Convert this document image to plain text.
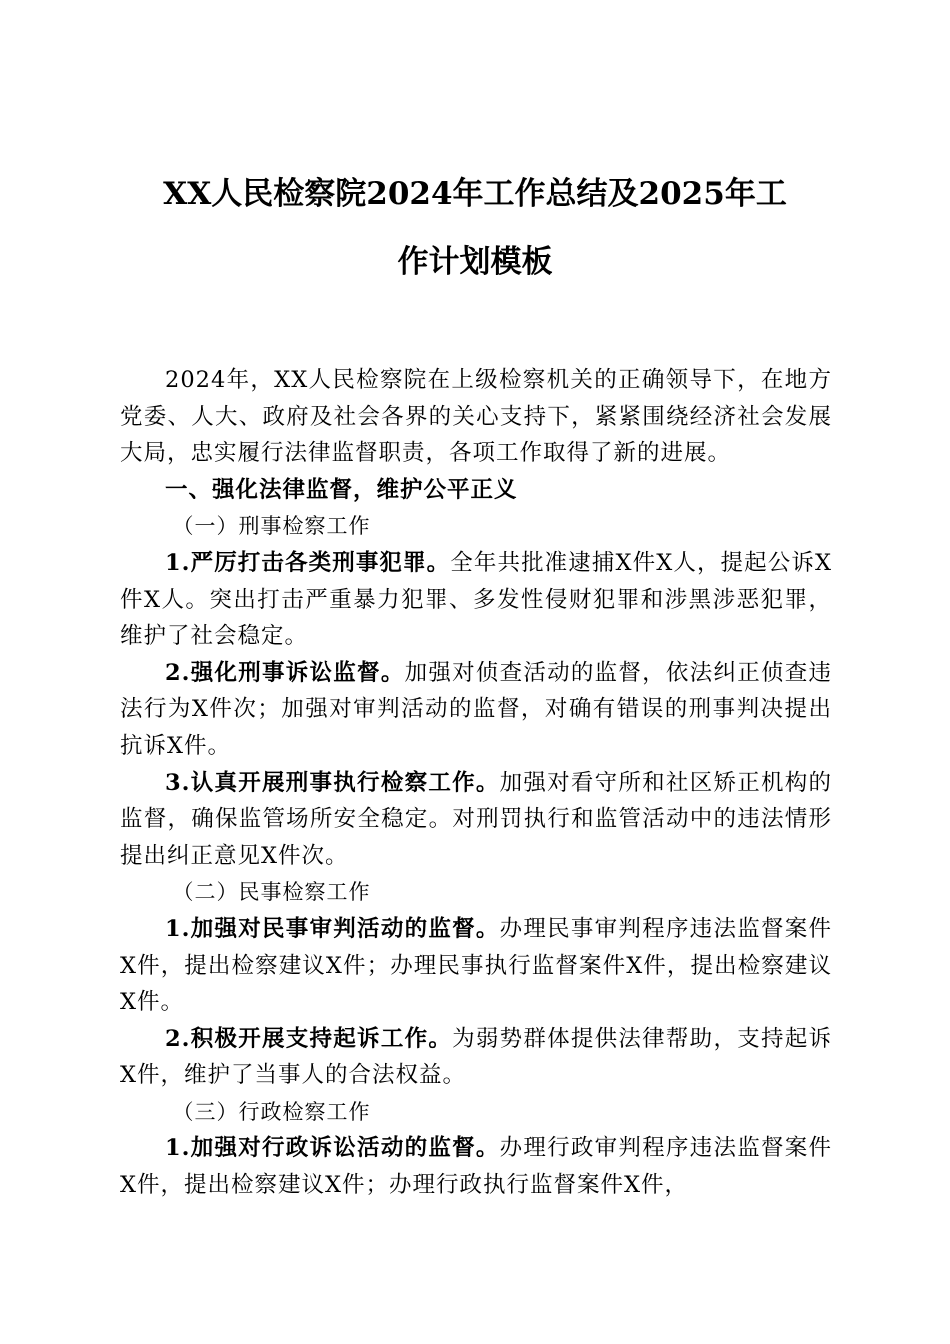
XX人民检察院2024年工作总结及2025年工
作计划模板

2024年，XX人民检察院在上级检察机关的正确领导下，在地方党委、人大、政府及社会各界的关心支持下，紧紧围绕经济社会发展大局，忠实履行法律监督职责，各项工作取得了新的进展。

一、强化法律监督，维护公平正义

（一）刑事检察工作

1.严厉打击各类刑事犯罪。全年共批准逮捕X件X人，提起公诉X件X人。突出打击严重暴力犯罪、多发性侵财犯罪和涉黑涉恶犯罪，维护了社会稳定。

2.强化刑事诉讼监督。加强对侦查活动的监督，依法纠正侦查违法行为X件次；加强对审判活动的监督，对确有错误的刑事判决提出抗诉X件。

3.认真开展刑事执行检察工作。加强对看守所和社区矫正机构的监督，确保监管场所安全稳定。对刑罚执行和监管活动中的违法情形提出纠正意见X件次。

（二）民事检察工作

1.加强对民事审判活动的监督。办理民事审判程序违法监督案件X件，提出检察建议X件；办理民事执行监督案件X件，提出检察建议X件。

2.积极开展支持起诉工作。为弱势群体提供法律帮助，支持起诉X件，维护了当事人的合法权益。

（三）行政检察工作

1.加强对行政诉讼活动的监督。办理行政审判程序违法监督案件X件，提出检察建议X件；办理行政执行监督案件X件，
